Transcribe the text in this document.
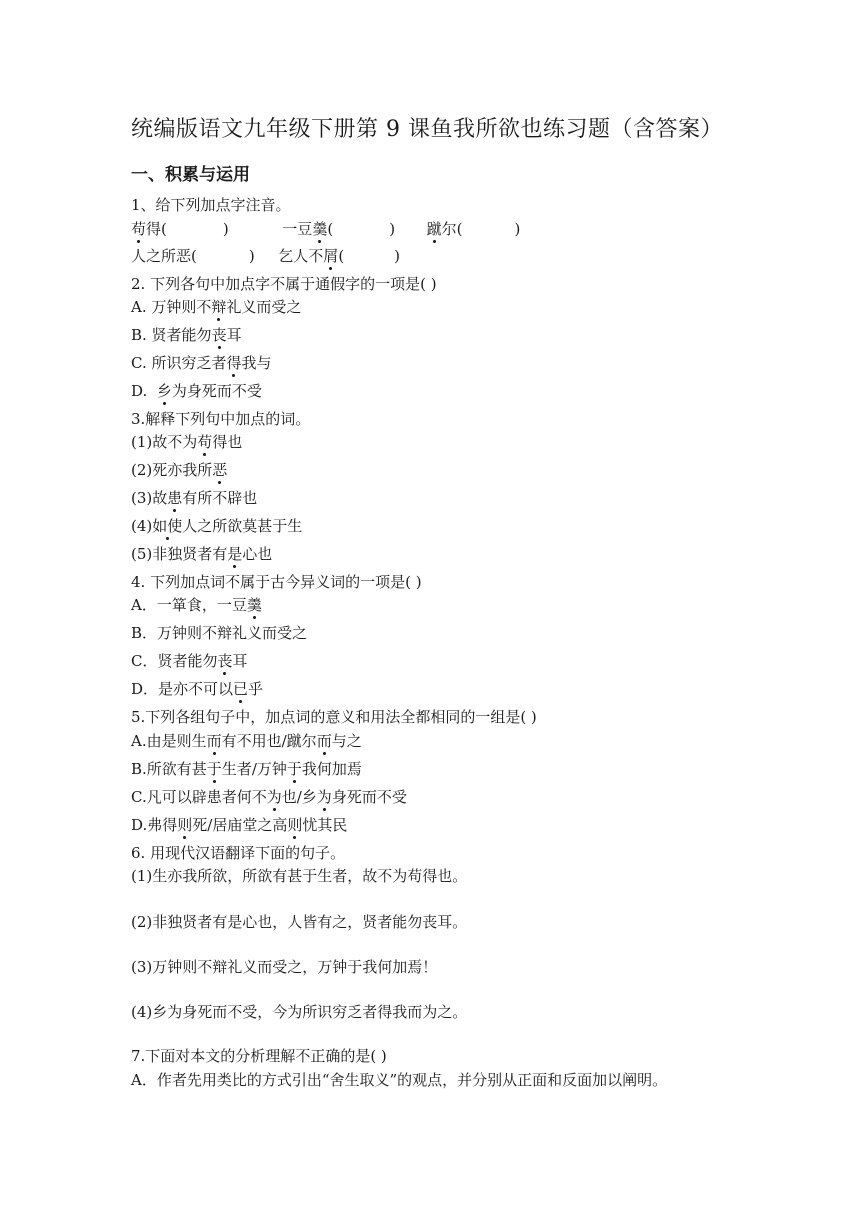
统编版语文九年级下册第 9 课鱼我所欲也练习题（含答案）
一、积累与运用
1、给下列加点字注音。
苟得(	)	一豆羹(	) 蹴尔(	)
人之所恶(	) 乞人不屑(	)
2. 下列各句中加点字不属于通假字的一项是( )
A. 万钟则不辩礼义而受之
B. 贤者能勿丧耳
C. 所识穷乏者得我与
D.  乡为身死而不受
3.解释下列句中加点的词。
(1)故不为苟得也
(2)死亦我所恶
(3)故患有所不辟也
(4)如使人之所欲莫甚于生
(5)非独贤者有是心也
4. 下列加点词不属于古今异义词的一项是( )
A．一箪食，一豆羹
B．万钟则不辩礼义而受之
C．贤者能勿丧耳
D．是亦不可以已乎
5.下列各组句子中，加点词的意义和用法全都相同的一组是( )
A.由是则生而有不用也/蹴尔而与之
B.所欲有甚于生者/万钟于我何加焉
C.凡可以辟患者何不为也/乡为身死而不受
D.弗得则死/居庙堂之高则忧其民
6. 用现代汉语翻译下面的句子。
(1)生亦我所欲，所欲有甚于生者，故不为苟得也。
(2)非独贤者有是心也，人皆有之，贤者能勿丧耳。
(3)万钟则不辩礼义而受之，万钟于我何加焉！
(4)乡为身死而不受，今为所识穷乏者得我而为之。
7.下面对本文的分析理解不正确的是( )
A．作者先用类比的方式引出“舍生取义”的观点，并分别从正面和反面加以阐明。
